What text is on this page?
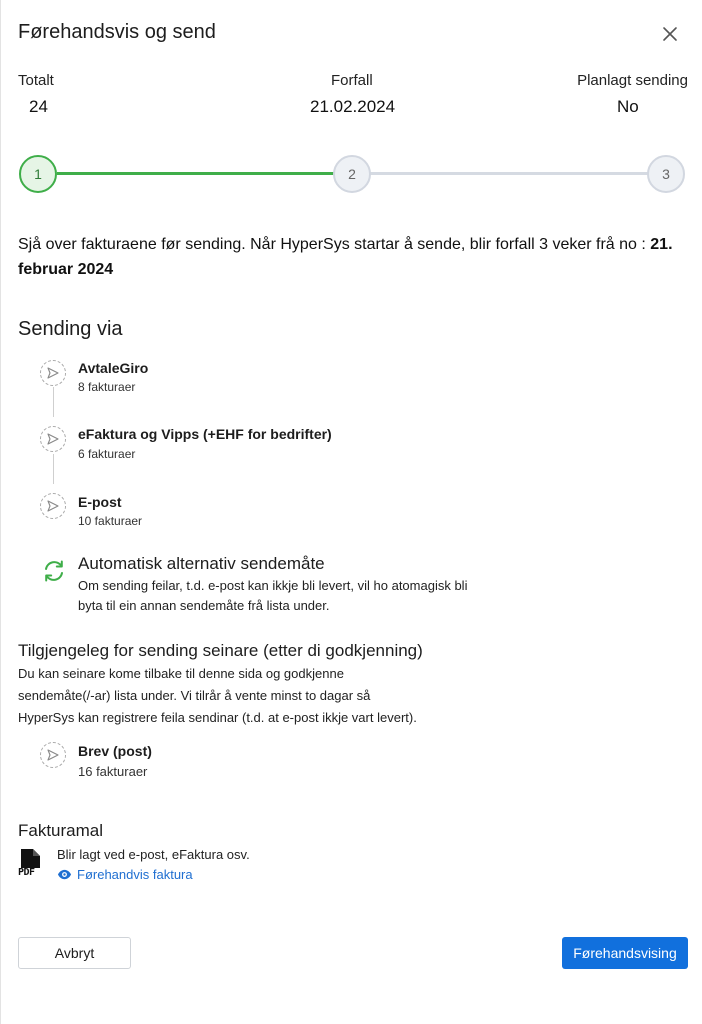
Førehandsvis og send
Totalt
24
Forfall
21.02.2024
Planlagt sending
No
1	2	3
Sjå over fakturaene før sending. Når HyperSys startar å sende, blir forfall 3 veker frå no : 21. februar 2024
Sending via
AvtaleGiro
8 fakturaer
eFaktura og Vipps (+EHF for bedrifter)
6 fakturaer
E-post
10 fakturaer
Automatisk alternativ sendemåte
Om sending feilar, t.d. e-post kan ikkje bli levert, vil ho atomagisk bli
byta til ein annan sendemåte frå lista under.
Tilgjengeleg for sending seinare (etter di godkjenning)
Du kan seinare kome tilbake til denne sida og godkjenne
sendemåte(/-ar) lista under. Vi tilrår å vente minst to dagar så
HyperSys kan registrere feila sendinar (t.d. at e-post ikkje vart levert).
Brev (post)
16 fakturaer
Fakturamal
PDF
Blir lagt ved e-post, eFaktura osv.
Førehandvis faktura
Avbryt	Førehandsvising
